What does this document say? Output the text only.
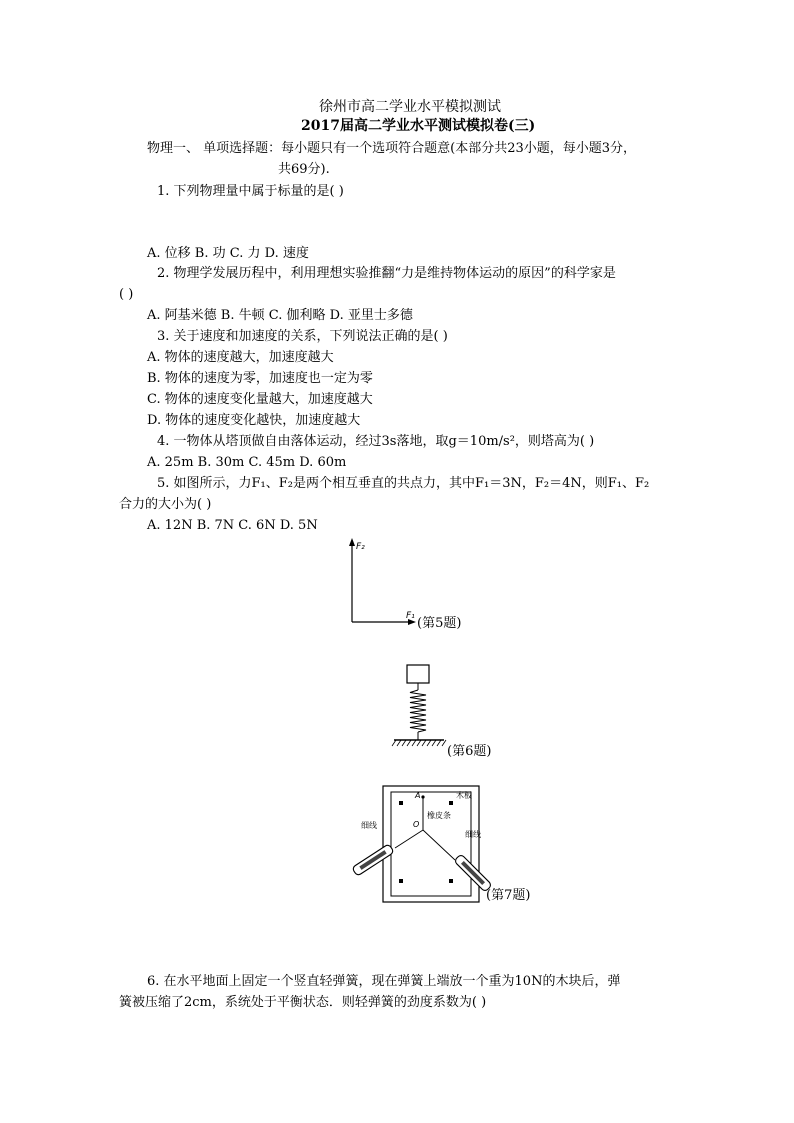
徐州市高二学业水平模拟测试
2017届高二学业水平测试模拟卷(三)
物理一、 单项选择题：每小题只有一个选项符合题意(本部分共23小题，每小题3分，
共69分).
1. 下列物理量中属于标量的是( )
A. 位移 B. 功 C. 力 D. 速度
2. 物理学发展历程中，利用理想实验推翻“力是维持物体运动的原因”的科学家是
( )
A. 阿基米德 B. 牛顿 C. 伽利略 D. 亚里士多德
3. 关于速度和加速度的关系，下列说法正确的是( )
A. 物体的速度越大，加速度越大
B. 物体的速度为零，加速度也一定为零
C. 物体的速度变化量越大，加速度越大
D. 物体的速度变化越快，加速度越大
4. 一物体从塔顶做自由落体运动，经过3s落地，取g＝10m/s²，则塔高为( )
A. 25m B. 30m C. 45m D. 60m
5. 如图所示，力F₁、F₂是两个相互垂直的共点力，其中F₁＝3N，F₂＝4N，则F₁、F₂
合力的大小为( )
A. 12N B. 7N C. 6N D. 5N
F₂
F₁ (第5题)
(第6题)
A	木板
O
橡皮条
细线
细线
(第7题)
6. 在水平地面上固定一个竖直轻弹簧，现在弹簧上端放一个重为10N的木块后，弹
簧被压缩了2cm，系统处于平衡状态．则轻弹簧的劲度系数为( )
